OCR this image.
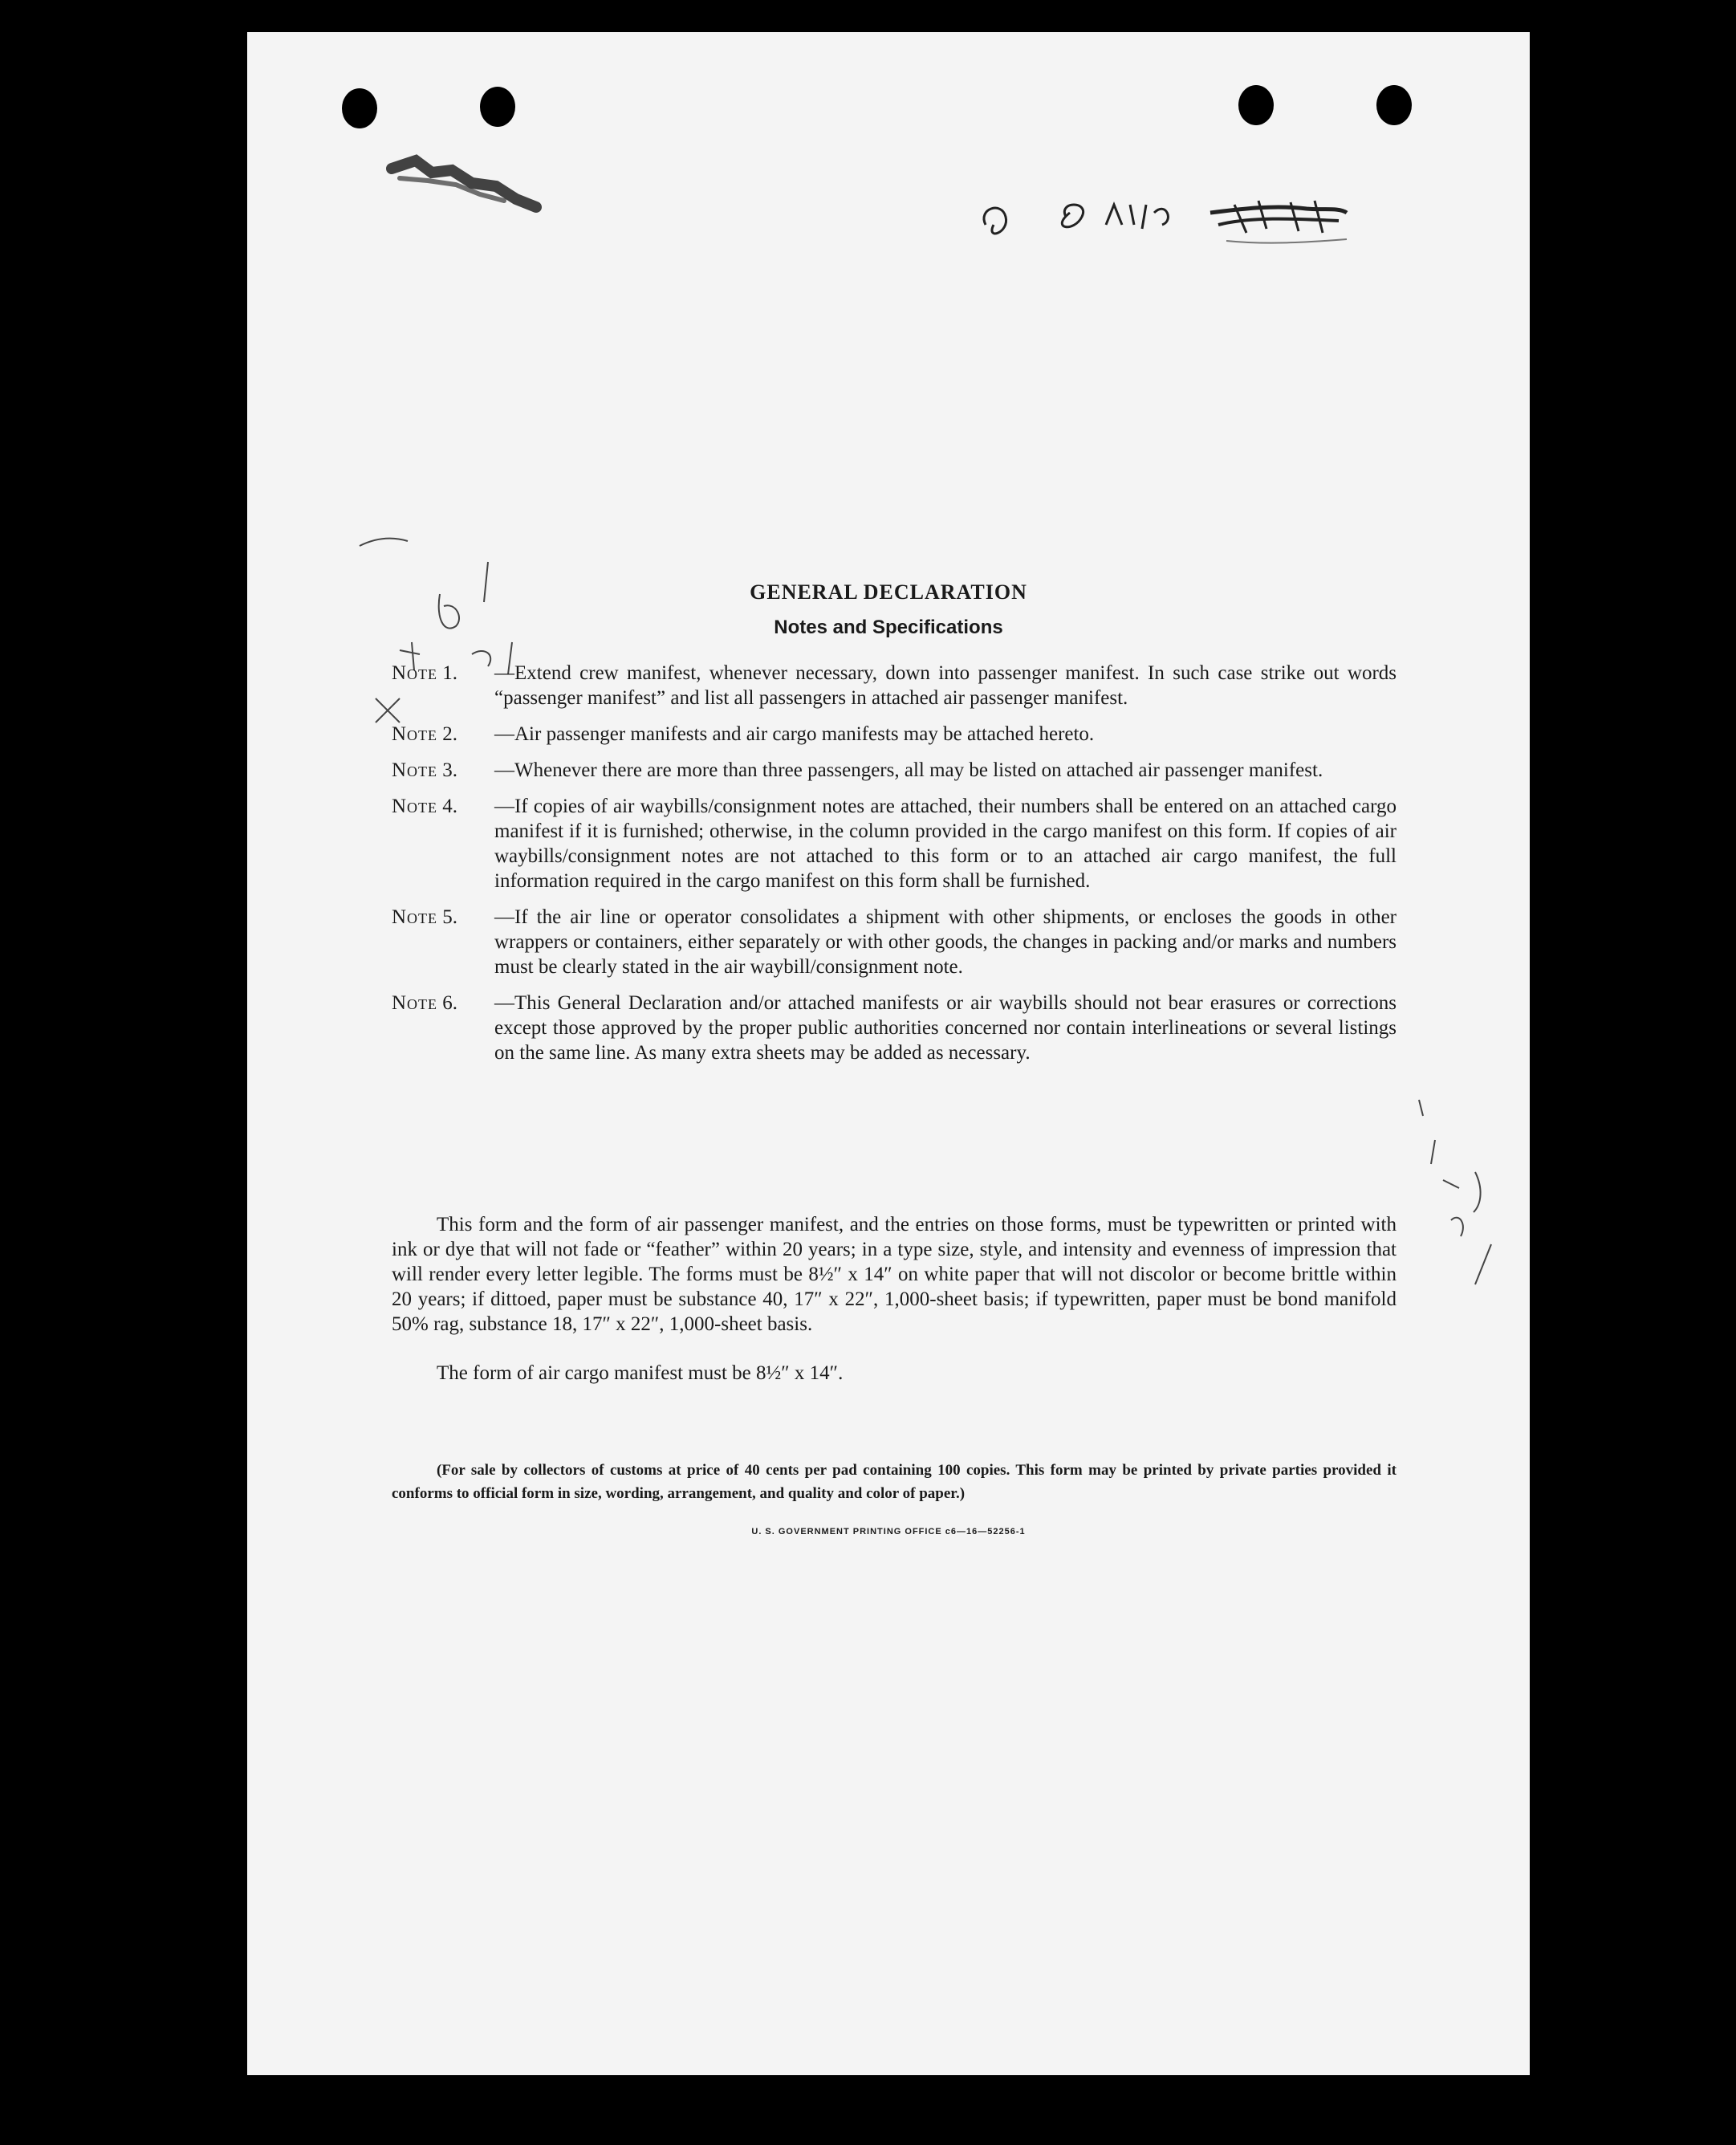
GENERAL DECLARATION
Notes and Specifications
Note 1. —Extend crew manifest, whenever necessary, down into passenger manifest. In such case strike out words “passenger manifest” and list all passengers in attached air passenger manifest.
Note 2. —Air passenger manifests and air cargo manifests may be attached hereto.
Note 3. —Whenever there are more than three passengers, all may be listed on attached air passenger manifest.
Note 4. —If copies of air waybills/consignment notes are attached, their numbers shall be entered on an attached cargo manifest if it is furnished; otherwise, in the column provided in the cargo manifest on this form. If copies of air waybills/consignment notes are not attached to this form or to an attached air cargo manifest, the full information required in the cargo manifest on this form shall be furnished.
Note 5. —If the air line or operator consolidates a shipment with other shipments, or encloses the goods in other wrappers or containers, either separately or with other goods, the changes in packing and/or marks and numbers must be clearly stated in the air waybill/consignment note.
Note 6. —This General Declaration and/or attached manifests or air waybills should not bear erasures or corrections except those approved by the proper public authorities concerned nor contain interlineations or several listings on the same line. As many extra sheets may be added as necessary.

This form and the form of air passenger manifest, and the entries on those forms, must be typewritten or printed with ink or dye that will not fade or “feather” within 20 years; in a type size, style, and intensity and evenness of impression that will render every letter legible. The forms must be 8½″ x 14″ on white paper that will not discolor or become brittle within 20 years; if dittoed, paper must be substance 40, 17″ x 22″, 1,000-sheet basis; if typewritten, paper must be bond manifold 50% rag, substance 18, 17″ x 22″, 1,000-sheet basis.

The form of air cargo manifest must be 8½″ x 14″.

(For sale by collectors of customs at price of 40 cents per pad containing 100 copies. This form may be printed by private parties provided it conforms to official form in size, wording, arrangement, and quality and color of paper.)

U. S. GOVERNMENT PRINTING OFFICE c6—16—52256-1
